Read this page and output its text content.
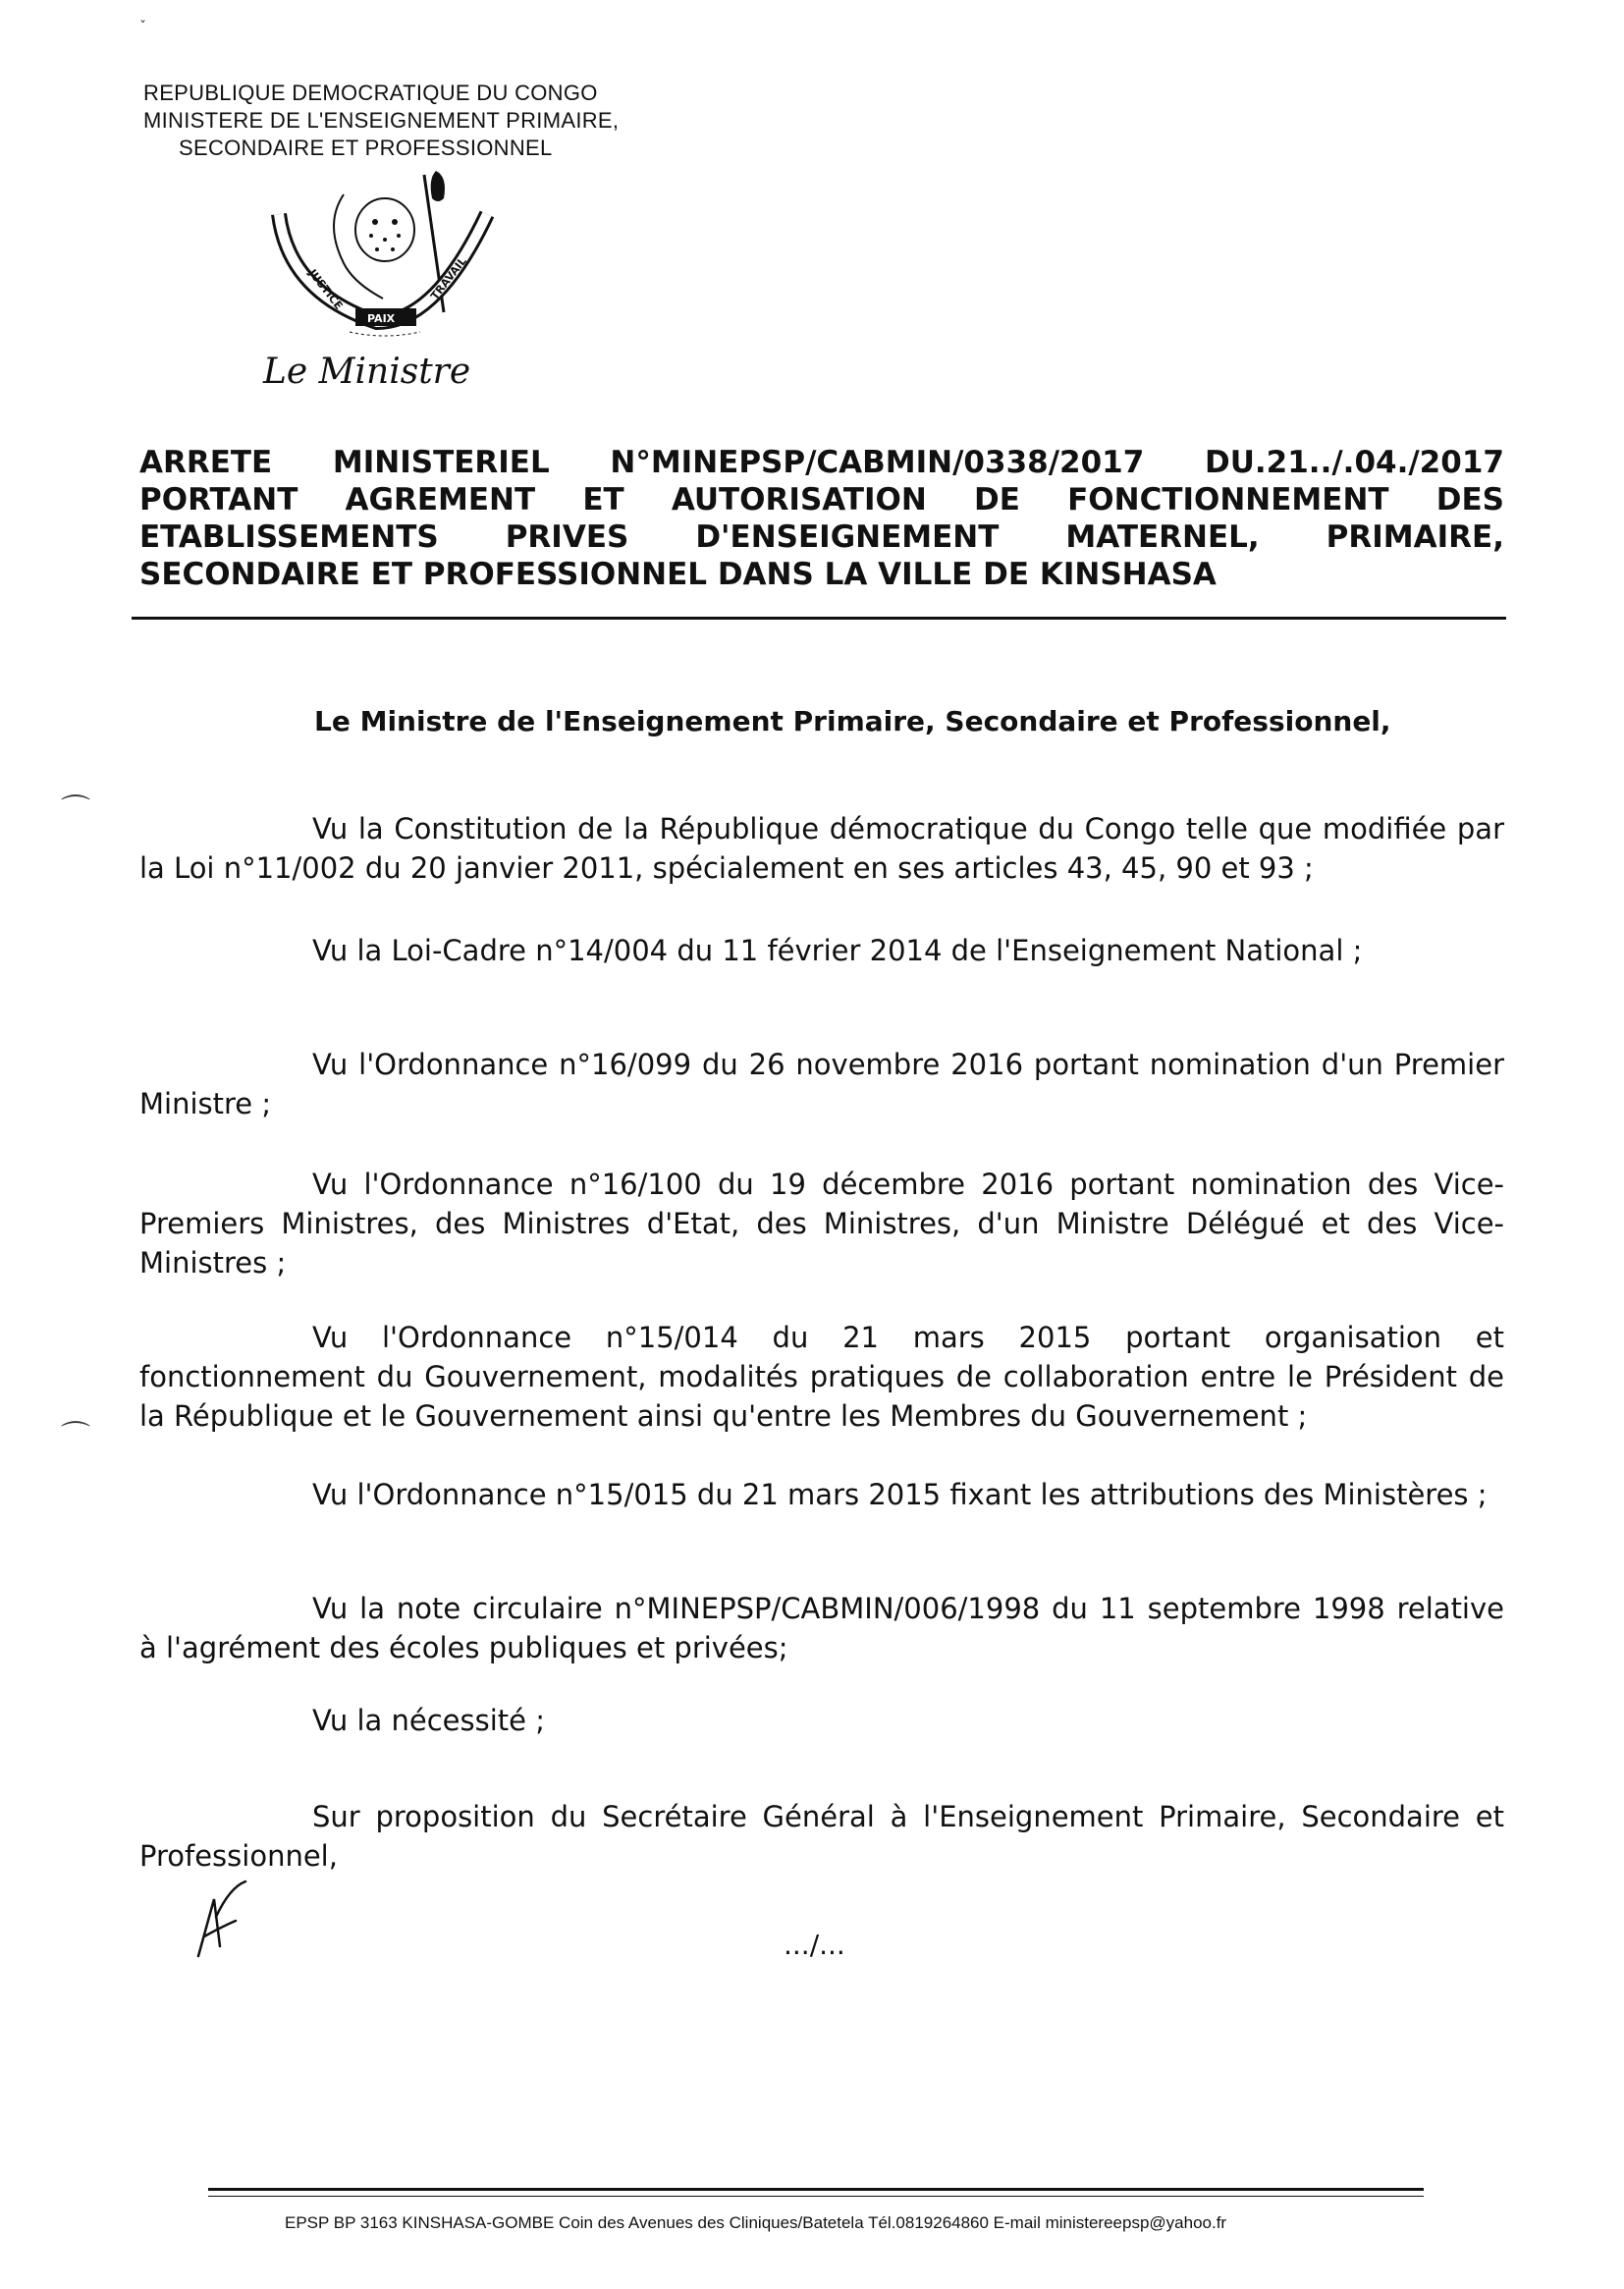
ˇ
⌒
⌒
REPUBLIQUE DEMOCRATIQUE DU CONGO
MINISTERE DE L'ENSEIGNEMENT PRIMAIRE,
SECONDAIRE ET PROFESSIONNEL
JUSTICE
PAIX
TRAVAIL
Le Ministre
ARRETE MINISTERIEL N°MINEPSP/CABMIN/0338/2017 DU.21../.04./2017
PORTANT AGREMENT ET AUTORISATION DE FONCTIONNEMENT DES
ETABLISSEMENTS PRIVES D'ENSEIGNEMENT MATERNEL, PRIMAIRE,
SECONDAIRE ET PROFESSIONNEL DANS LA VILLE DE KINSHASA
Le Ministre de l'Enseignement Primaire, Secondaire et Professionnel,
Vu la Constitution de la République démocratique du Congo telle que modifiée par la Loi n°11/002 du 20 janvier 2011, spécialement en ses articles 43, 45, 90 et 93 ;
Vu la Loi-Cadre n°14/004 du 11 février 2014 de l'Enseignement National ;
Vu l'Ordonnance n°16/099 du 26 novembre 2016 portant nomination d'un Premier Ministre ;
Vu l'Ordonnance n°16/100 du 19 décembre 2016 portant nomination des Vice-Premiers Ministres, des Ministres d'Etat, des Ministres, d'un Ministre Délégué et des Vice-Ministres ;
Vu l'Ordonnance n°15/014 du 21 mars 2015 portant organisation et fonctionnement du Gouvernement, modalités pratiques de collaboration entre le Président de la République et le Gouvernement ainsi qu'entre les Membres du Gouvernement ;
Vu l'Ordonnance n°15/015 du 21 mars 2015 fixant les attributions des Ministères ;
Vu la note circulaire n°MINEPSP/CABMIN/006/1998 du 11 septembre 1998 relative à l'agrément des écoles publiques et privées;
Vu la nécessité ;
Sur proposition du Secrétaire Général à l'Enseignement Primaire, Secondaire et Professionnel,
.../...
EPSP BP 3163 KINSHASA-GOMBE Coin des Avenues des Cliniques/Batetela Tél.0819264860 E-mail ministereepsp@yahoo.fr
